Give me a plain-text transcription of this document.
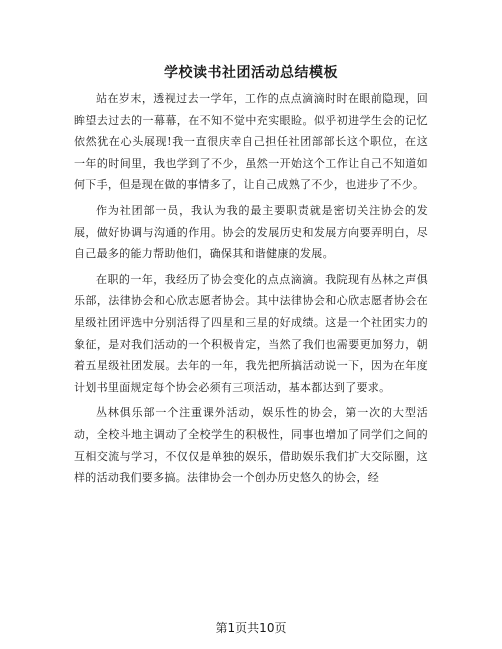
学校读书社团活动总结模板

站在岁末，透视过去一学年，工作的点点滴滴时时在眼前隐现，回眸望去过去的一幕幕，在不知不觉中充实眼睑。似乎初进学生会的记忆依然犹在心头展现!我一直很庆幸自己担任社团部部长这个职位，在这一年的时间里，我也学到了不少，虽然一开始这个工作让自己不知道如何下手，但是现在做的事情多了，让自己成熟了不少，也进步了不少。

作为社团部一员，我认为我的最主要职责就是密切关注协会的发展，做好协调与沟通的作用。协会的发展历史和发展方向要弄明白，尽自己最多的能力帮助他们，确保其和谐健康的发展。

在职的一年，我经历了协会变化的点点滴滴。我院现有丛林之声俱乐部，法律协会和心欣志愿者协会。其中法律协会和心欣志愿者协会在星级社团评选中分别活得了四星和三星的好成绩。这是一个社团实力的象征，是对我们活动的一个积极肯定，当然了我们也需要更加努力，朝着五星级社团发展。去年的一年，我先把所搞活动说一下，因为在年度计划书里面规定每个协会必须有三项活动，基本都达到了要求。

丛林俱乐部一个注重课外活动，娱乐性的协会，第一次的大型活动，全校斗地主调动了全校学生的积极性，同事也增加了同学们之间的互相交流与学习，不仅仅是单独的娱乐，借助娱乐我们扩大交际圈，这样的活动我们要多搞。法律协会一个创办历史悠久的协会，经

第1页共10页
